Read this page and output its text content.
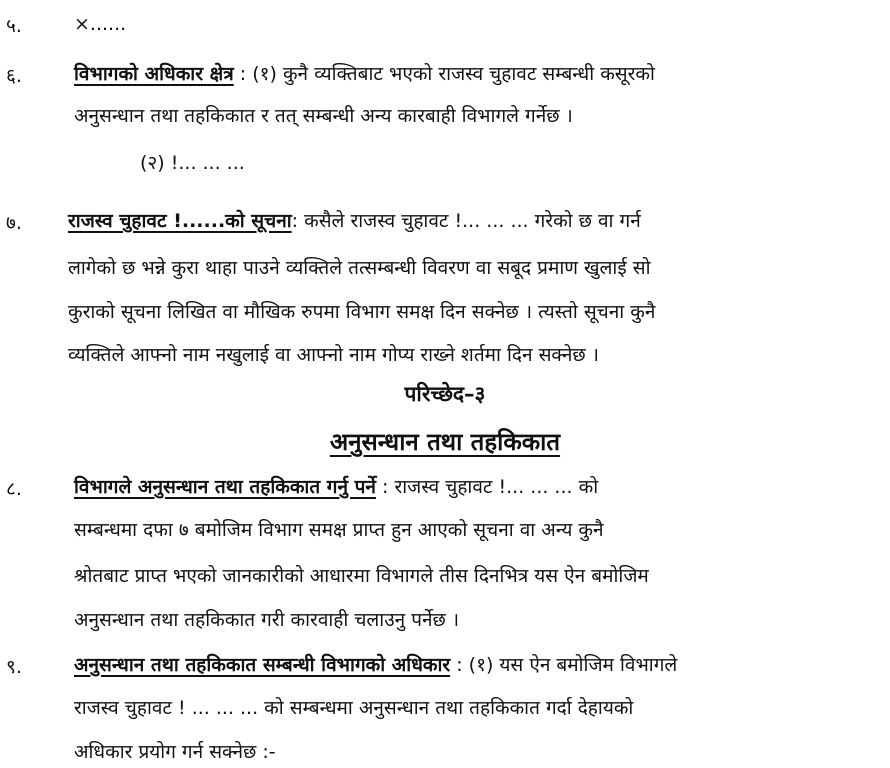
५.	×......
६.	विभागको अधिकार क्षेत्र : (१) कुनै व्यक्तिबाट भएको राजस्व चुहावट सम्बन्धी कसूरको
अनुसन्धान तथा तहकिकात र तत् सम्बन्धी अन्य कारबाही विभागले गर्नेछ ।
(२) !... ... ...
७.	राजस्व चुहावट !......को सूचना: कसैले राजस्व चुहावट !... ... ... गरेको छ वा गर्न
लागेको छ भन्ने कुरा थाहा पाउने व्यक्तिले तत्सम्बन्धी विवरण वा सबूद प्रमाण खुलाई सो
कुराको सूचना लिखित वा मौखिक रुपमा विभाग समक्ष दिन सक्नेछ । त्यस्तो सूचना कुनै
व्यक्तिले आफ्नो नाम नखुलाई वा आफ्नो नाम गोप्य राख्ने शर्तमा दिन सक्नेछ ।
परिच्छेद–३
अनुसन्धान तथा तहकिकात
८.	विभागले अनुसन्धान तथा तहकिकात गर्नु पर्ने : राजस्व चुहावट !... ... ... को
सम्बन्धमा दफा ७ बमोजिम विभाग समक्ष प्राप्त हुन आएको सूचना वा अन्य कुनै
श्रोतबाट प्राप्त भएको जानकारीको आधारमा विभागले तीस दिनभित्र यस ऐन बमोजिम
अनुसन्धान तथा तहकिकात गरी कारवाही चलाउनु पर्नेछ ।
९.	अनुसन्धान तथा तहकिकात सम्बन्धी विभागको अधिकार : (१) यस ऐन बमोजिम विभागले
राजस्व चुहावट ! ... ... ... को सम्बन्धमा अनुसन्धान तथा तहकिकात गर्दा देहायको
अधिकार प्रयोग गर्न सक्नेछ :-
